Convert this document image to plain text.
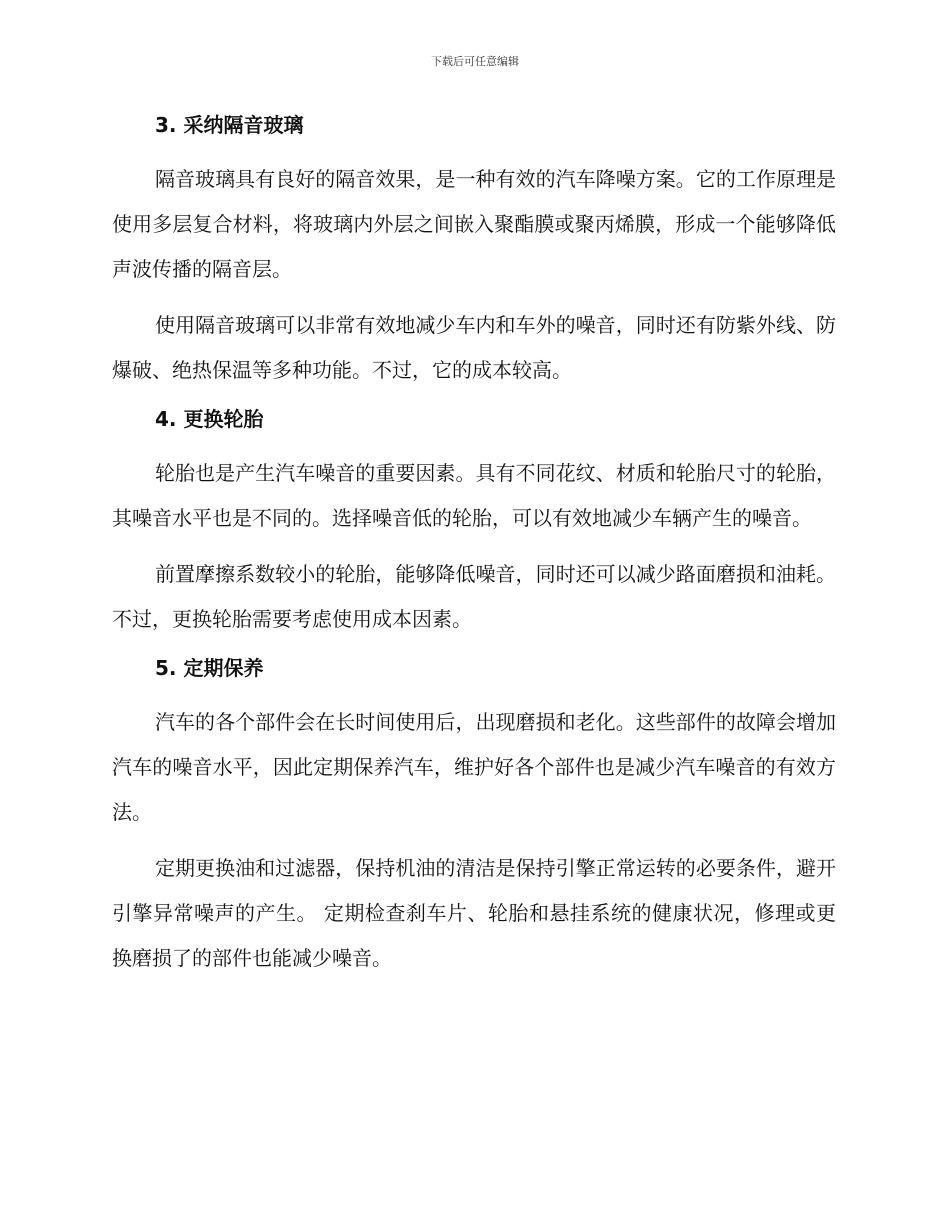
下载后可任意编辑
3. 采纳隔音玻璃

隔音玻璃具有良好的隔音效果，是一种有效的汽车降噪方案。它的工作原理是使用多层复合材料，将玻璃内外层之间嵌入聚酯膜或聚丙烯膜，形成一个能够降低声波传播的隔音层。

使用隔音玻璃可以非常有效地减少车内和车外的噪音，同时还有防紫外线、防爆破、绝热保温等多种功能。不过，它的成本较高。

4. 更换轮胎

轮胎也是产生汽车噪音的重要因素。具有不同花纹、材质和轮胎尺寸的轮胎，其噪音水平也是不同的。选择噪音低的轮胎，可以有效地减少车辆产生的噪音。

前置摩擦系数较小的轮胎，能够降低噪音，同时还可以减少路面磨损和油耗。不过，更换轮胎需要考虑使用成本因素。

5. 定期保养

汽车的各个部件会在长时间使用后，出现磨损和老化。这些部件的故障会增加汽车的噪音水平，因此定期保养汽车，维护好各个部件也是减少汽车噪音的有效方法。

定期更换油和过滤器，保持机油的清洁是保持引擎正常运转的必要条件，避开引擎异常噪声的产生。 定期检查刹车片、轮胎和悬挂系统的健康状况，修理或更换磨损了的部件也能减少噪音。
